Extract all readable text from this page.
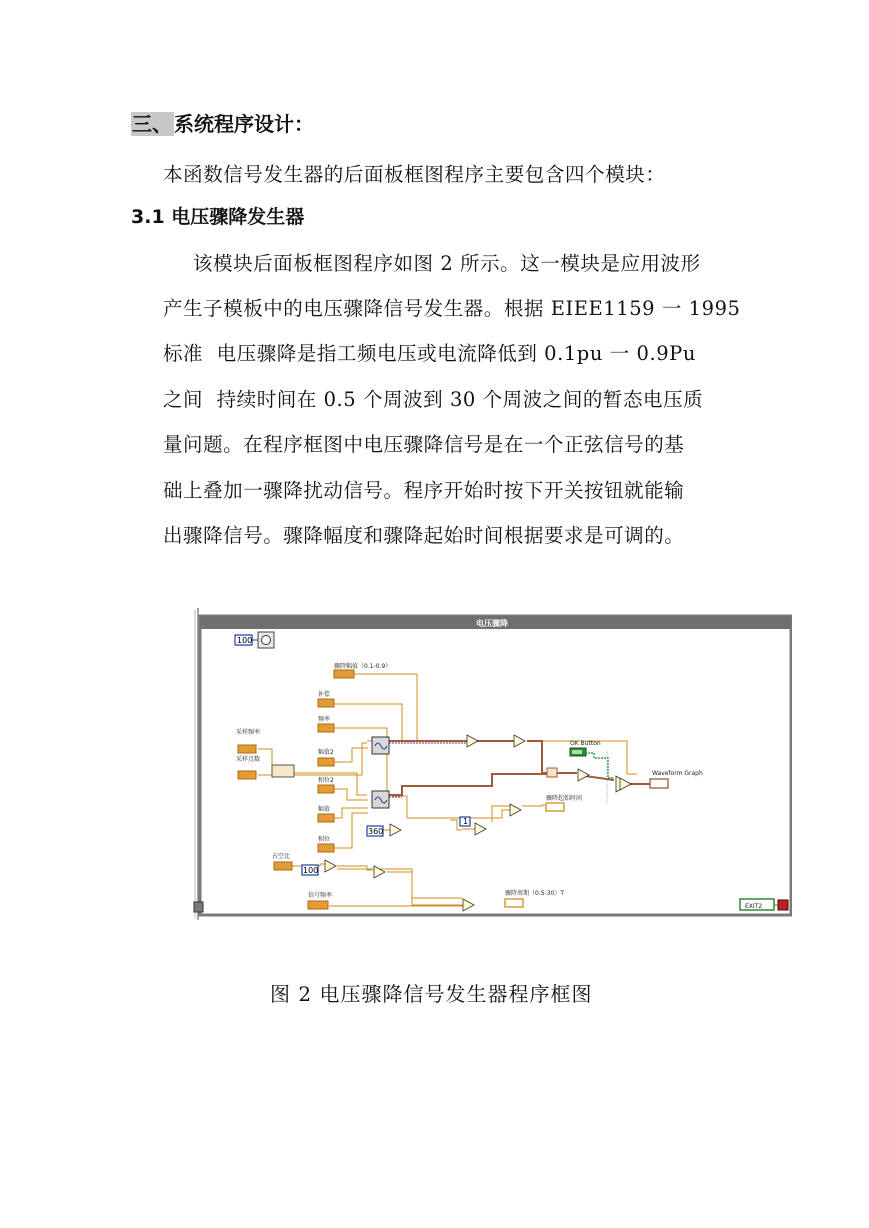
三、 系统程序设计：
本函数信号发生器的后面板框图程序主要包含四个模块：
3.1 电压骤降发生器
该模块后面板框图程序如图 2 所示。这一模块是应用波形
产生子模板中的电压骤降信号发生器。根据 EIEE1159 一 1995
标准  电压骤降是指工频电压或电流降低到 0.1pu 一 0.9Pu
之间  持续时间在 0.5 个周波到 30 个周波之间的暂态电压质
量问题。在程序框图中电压骤降信号是在一个正弦信号的基
础上叠加一骤降扰动信号。程序开始时按下开关按钮就能输
出骤降信号。骤降幅度和骤降起始时间根据要求是可调的。
电压骤降
100
骤降幅值（0.1-0.9）
补偿
频率
采样频率
采样点数
幅值2
相位2
幅值
相位
占空比
信号频率
360
1
100
骤降起始时间
骤降周期（0.5-30）T
OK Button
Waveform Graph
EXIT2
图 2 电压骤降信号发生器程序框图
